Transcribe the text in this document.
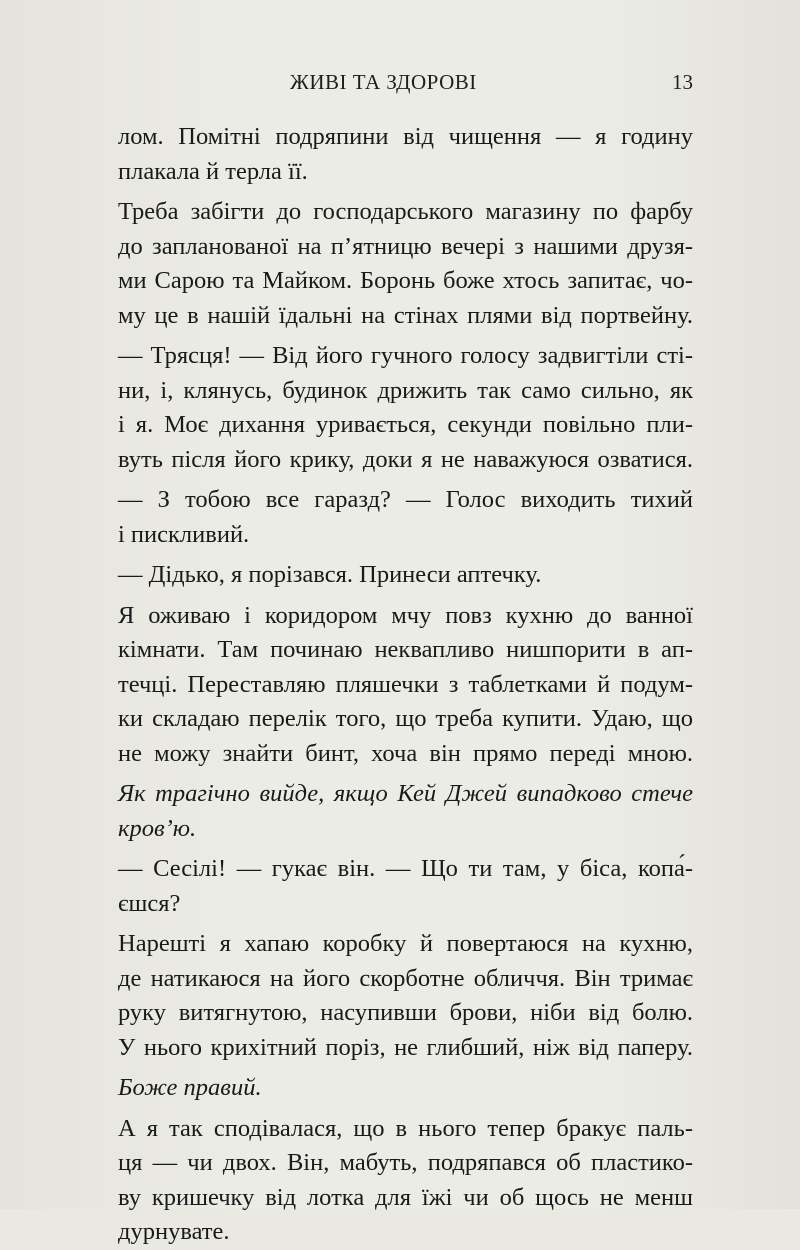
ЖИВІ ТА ЗДОРОВІ	13

лом. Помітні подряпини від чищення — я годину

плакала й терла її.

Треба забігти до господарського магазину по фарбу

до запланованої на п’ятницю вечері з нашими друзя-

ми Сарою та Майком. Боронь боже хтось запитає, чо-

му це в нашій їдальні на стінах плями від портвейну.

— Трясця! — Від його гучного голосу задвигтіли сті-

ни, і, клянусь, будинок дрижить так само сильно, як

і я. Моє дихання уривається, секунди повільно пли-

вуть після його крику, доки я не наважуюся озватися.

— З тобою все гаразд? — Голос виходить тихий

і пискливий.

— Дідько, я порізався. Принеси аптечку.

Я оживаю і коридором мчу повз кухню до ванної

кімнати. Там починаю неквапливо нишпорити в ап-

течці. Переставляю пляшечки з таблетками й подум-

ки складаю перелік того, що треба купити. Удаю, що

не можу знайти бинт, хоча він прямо переді мною.

Як трагічно вийде, якщо Кей Джей випадково стече

кров’ю.

— Сесілі! — гукає він. — Що ти там, у біса, копа́-

єшся?

Нарешті я хапаю коробку й повертаюся на кухню,

де натикаюся на його скорботне обличчя. Він тримає

руку витягнутою, насупивши брови, ніби від болю.

У нього крихітний поріз, не глибший, ніж від паперу.

Боже правий.

А я так сподівалася, що в нього тепер бракує паль-

ця — чи двох. Він, мабуть, подряпався об пластико-

ву кришечку від лотка для їжі чи об щось не менш

дурнувате.
